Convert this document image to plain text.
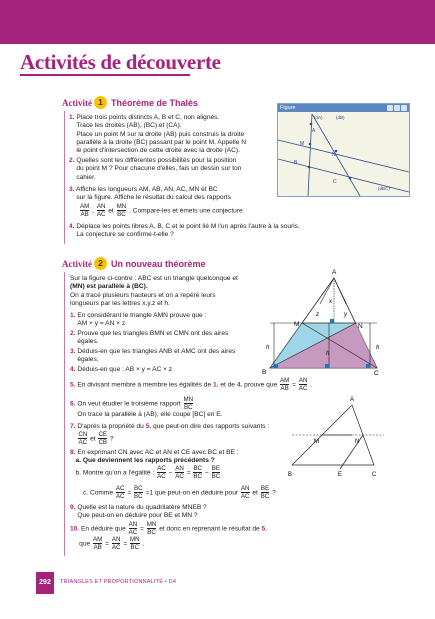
Activités de découverte
Activité 1 Théorème de Thalès
1. Place trois points distincts A, B et C, non alignés.
Trace les droites (AB), (BC) et (CA).
Place un point M sur la droite (AB) puis construis la droite
parallèle à la droite (BC) passant par le point M. Appelle N
le point d'intersection de cette droite avec la droite (AC).
2. Quelles sont les différentes possibilités pour la position
du point M ? Pour chacune d'elles, fais un dessin sur ton
cahier.
3. Affiche les longueurs AM, AB, AN, AC, MN et BC
sur la figure. Affiche le résultat du calcul des rapports
$\frac{AM}{AB}$ , $\frac{AN}{AC}$ et $\frac{MN}{BC}$ . Compare-les et émets une conjecture.
4. Déplace les points libres A, B, C et le point lié M l'un après l'autre à la souris.
La conjecture se confirme-t-elle ?
Figure
A
M
N
B
C
(dA)	(dB)
(dBC)
Activité 2 Un nouveau théorème
Sur la figure ci-contre : ABC est un triangle quelconque et
(MN) est parallèle à (BC).
On a tracé plusieurs hauteurs et on a repéré leurs
longueurs par les lettres x,y,z et h.
1. En considérant le triangle AMN prouve que :
AM × y = AN × z
2. Prouve que les triangles BMN et CMN ont des aires
égales.
3. Déduis-en que les triangles ANB et AMC ont des aires
égales.
4. Déduis-en que : AB × y = AC × z
5. En divisant membre à membre les égalités de 1. et de 4. prouve que $\frac{AM}{AB} = \frac{AN}{AC}$ .
6. On veut étudier le troisième rapport $\frac{MN}{BC}$ .
On trace la parallèle à (AB), elle coupe [BC] en E.
7. D'après la propriété du 5. que peut-on dire des rapports suivants :

$\frac{CN}{AC}$ et $\frac{CE}{CB}$ ?
8. En exprimant CN avec AC et AN et CE avec BC et BE :
a. Que deviennent les rapports précédents ?
b. Montre qu'on a l'égalité : $\frac{AC}{AC} - \frac{AN}{AC} = \frac{BC}{BC} - \frac{BE}{BC}$
c. Comme $\frac{AC}{AC} = \frac{BC}{BC} =1$ que peut-on en déduire pour $\frac{AN}{AC}$ et $\frac{BE}{BC}$ ?
9. Quelle est la nature du quadrilatère MNEB ?
Que peut-on en déduire pour BE et MN ?
10. En déduire que $\frac{AN}{AC} = \frac{MN}{BC}$ et donc en reprenant le résultat de 5.
que $\frac{AM}{AB} = \frac{AN}{AC} = \frac{MN}{BC}$ .
A
B	C
M	N
x
y
z
h
h
h
A
M	N
B	E	C
292	TRIANGLES ET PROPORTIONNALITÉ • D4
